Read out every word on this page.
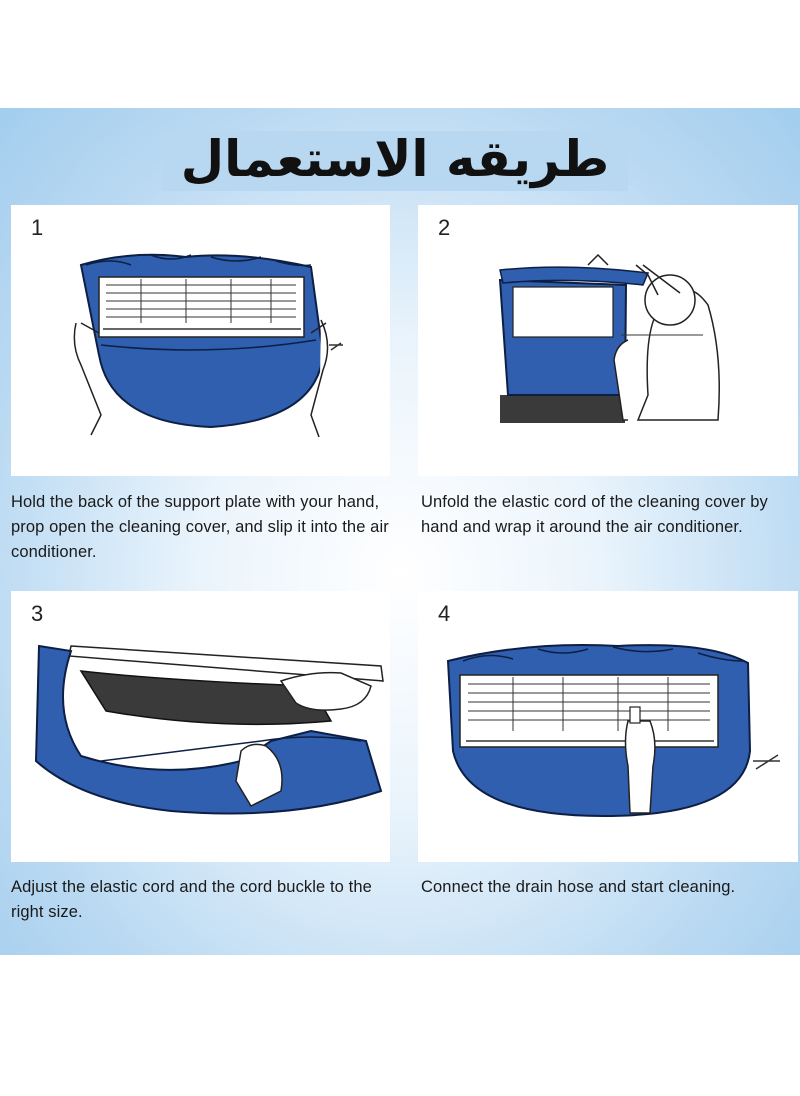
طريقه الاستعمال
1
Hold the back of the support plate with your hand, prop open the cleaning cover, and slip it into the air conditioner.
2
Unfold the elastic cord of the cleaning cover by hand and wrap it around the air conditioner.
3
Adjust the elastic cord and the cord buckle to the right size.
4
Connect the drain hose and start cleaning.
